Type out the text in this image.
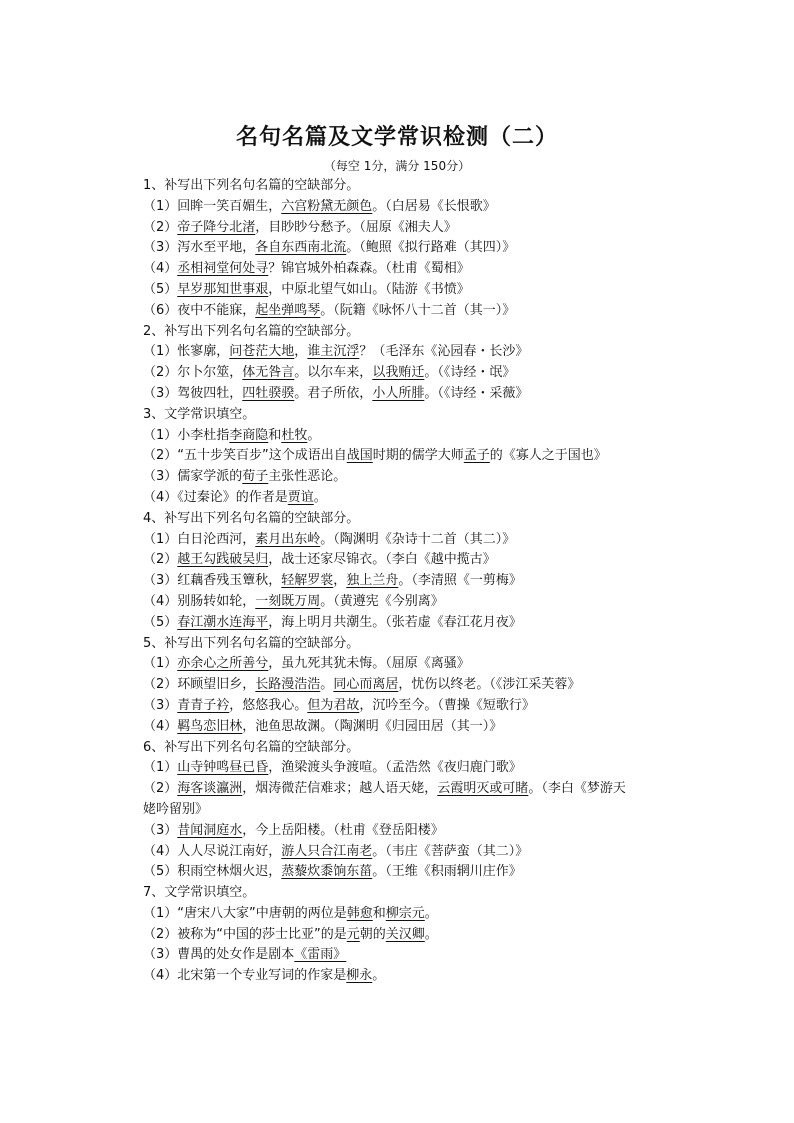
名句名篇及文学常识检测（二）
（每空 1分，满分 150分）
1、补写出下列名句名篇的空缺部分。
（1）回眸一笑百媚生，六宫粉黛无颜色。（白居易《长恨歌》
（2）帝子降兮北渚，目眇眇兮愁予。（屈原《湘夫人》
（3）泻水至平地，各自东西南北流。（鲍照《拟行路难（其四）》
（4）丞相祠堂何处寻？锦官城外柏森森。（杜甫《蜀相》
（5）早岁那知世事艰，中原北望气如山。（陆游《书愤》
（6）夜中不能寐，起坐弹鸣琴。（阮籍《咏怀八十二首（其一）》
2、补写出下列名句名篇的空缺部分。
（1）怅寥廓，问苍茫大地，谁主沉浮？（毛泽东《沁园春・长沙》
（2）尔卜尔筮，体无咎言。以尔车来，以我贿迁。（《诗经・氓》
（3）驾彼四牡，四牡骙骙。君子所依，小人所腓。（《诗经・采薇》
3、文学常识填空。
（1）小李杜指李商隐和杜牧。
（2）“五十步笑百步”这个成语出自战国时期的儒学大师孟子的《寡人之于国也》
（3）儒家学派的荀子主张性恶论。
（4）《过秦论》的作者是贾谊。
4、补写出下列名句名篇的空缺部分。
（1）白日沦西河，素月出东岭。（陶渊明《杂诗十二首（其二）》
（2）越王勾践破吴归，战士还家尽锦衣。（李白《越中揽古》
（3）红藕香残玉簟秋，轻解罗裳，独上兰舟。（李清照《一剪梅》
（4）别肠转如轮，一刻既万周。（黄遵宪《今别离》
（5）春江潮水连海平，海上明月共潮生。（张若虚《春江花月夜》
5、补写出下列名句名篇的空缺部分。
（1）亦余心之所善兮，虽九死其犹未悔。（屈原《离骚》
（2）环顾望旧乡，长路漫浩浩。同心而离居，忧伤以终老。（《涉江采芙蓉》
（3）青青子衿，悠悠我心。但为君故，沉吟至今。（曹操《短歌行》
（4）羁鸟恋旧林，池鱼思故渊。（陶渊明《归园田居（其一）》
6、补写出下列名句名篇的空缺部分。
（1）山寺钟鸣昼已昏，渔梁渡头争渡喧。（孟浩然《夜归鹿门歌》
（2）海客谈瀛洲，烟涛微茫信难求；越人语天姥，云霞明灭或可睹。（李白《梦游天
姥吟留别》
（3）昔闻洞庭水，今上岳阳楼。（杜甫《登岳阳楼》
（4）人人尽说江南好，游人只合江南老。（韦庄《菩萨蛮（其二）》
（5）积雨空林烟火迟，蒸藜炊黍饷东菑。（王维《积雨辋川庄作》
7、文学常识填空。
（1）“唐宋八大家”中唐朝的两位是韩愈和柳宗元。
（2）被称为“中国的莎士比亚”的是元朝的关汉卿。
（3）曹禺的处女作是剧本《雷雨》
（4）北宋第一个专业写词的作家是柳永。
